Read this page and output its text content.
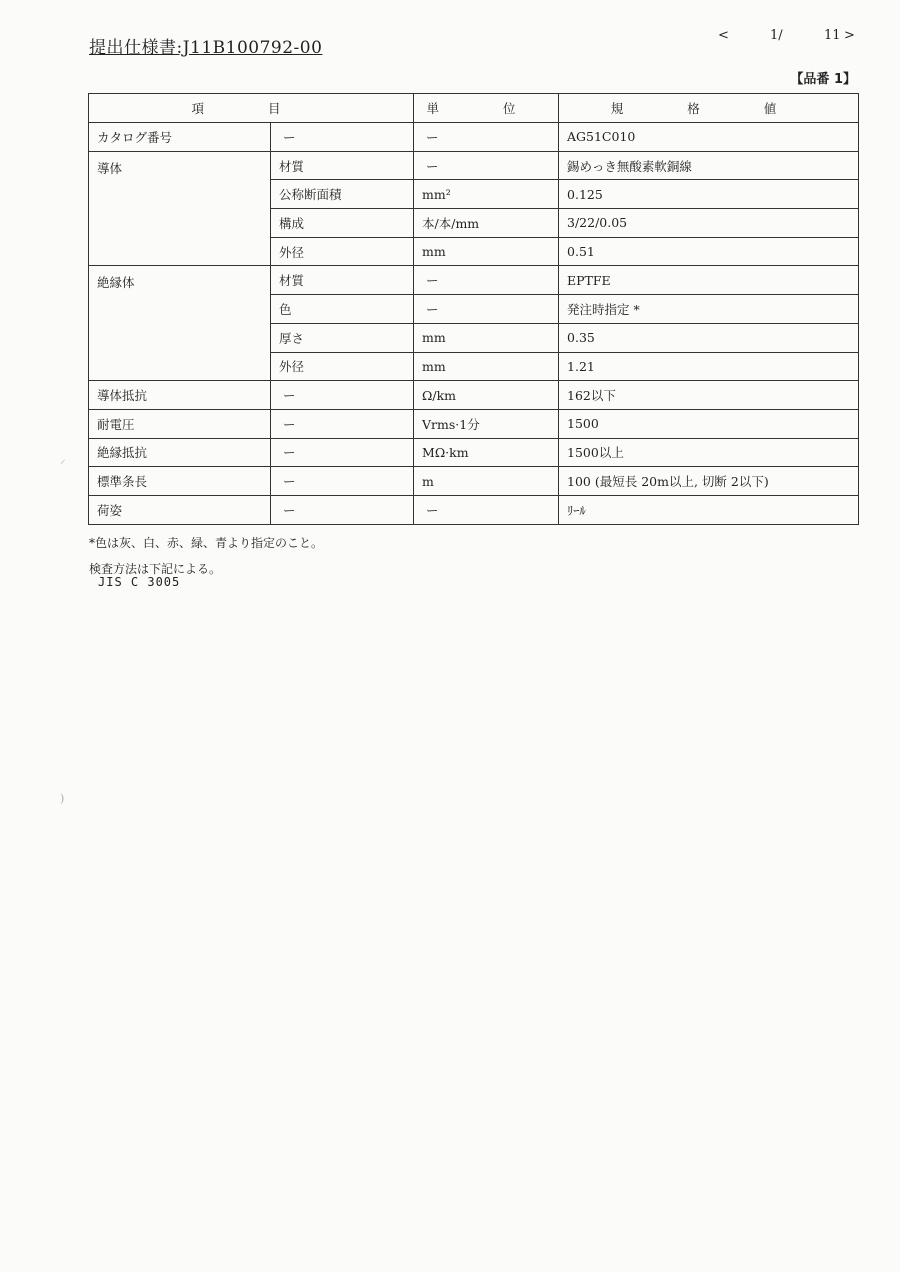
提出仕様書:J11B100792-00
<	1/	11 >
【品番 1】
項 目		単 位	規 格 値
カタログ番号	ー	ー	AG51C010
導体	材質	ー	錫めっき無酸素軟銅線
	公称断面積	mm²	0.125
	構成	本/本/mm	3/22/0.05
	外径	mm	0.51
絶縁体	材質	ー	EPTFE
	色	ー	発注時指定 *
	厚さ	mm	0.35
	外径	mm	1.21
導体抵抗	ー	Ω/km	162以下
耐電圧	ー	Vrms·1分	1500
絶縁抵抗	ー	MΩ·km	1500以上
標準条長	ー	m	100 (最短長 20m以上, 切断 2以下)
荷姿	ー	ー	ﾘｰﾙ
*色は灰、白、赤、緑、青より指定のこと。
検査方法は下記による。
JIS C 3005
⸝
)
